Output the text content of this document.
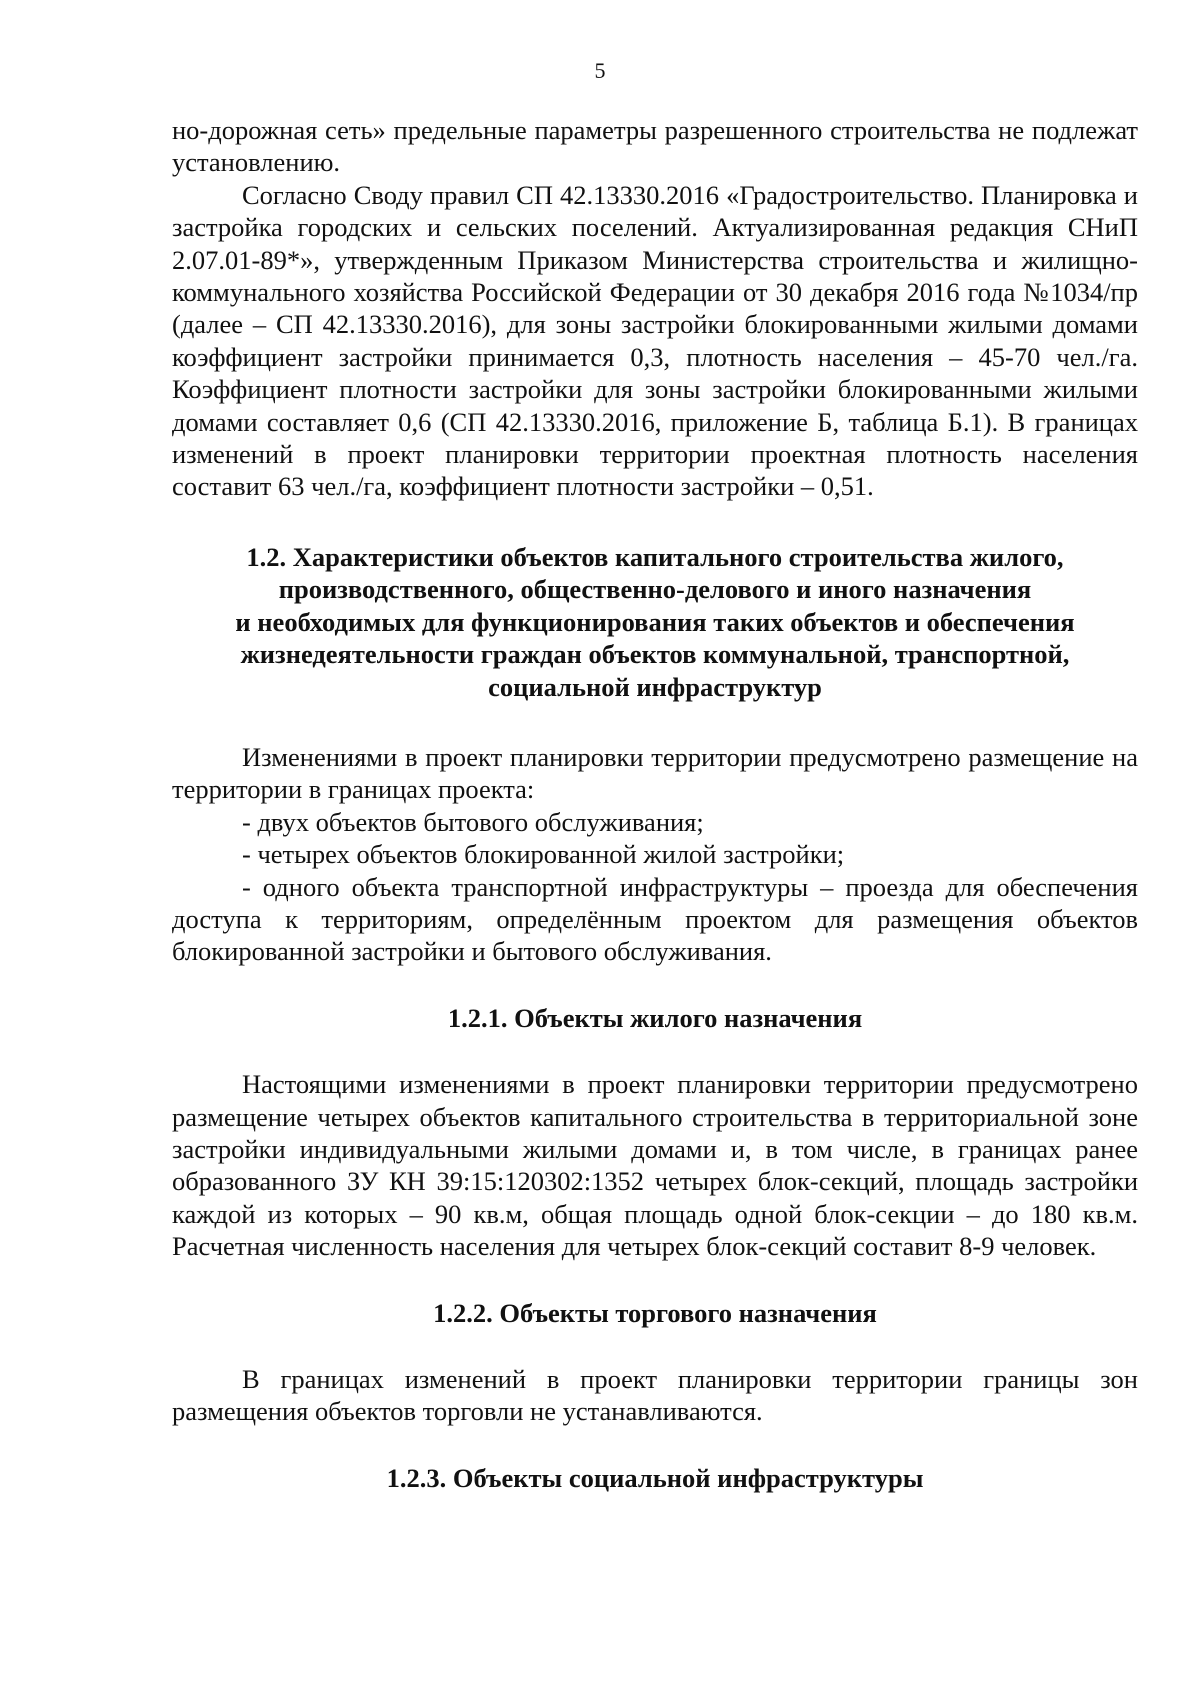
5

но-дорожная сеть» предельные параметры разрешенного строительства не подлежат установлению.

Согласно Своду правил СП 42.13330.2016 «Градостроительство. Планировка и застройка городских и сельских поселений. Актуализированная редакция СНиП 2.07.01-89*», утвержденным Приказом Министерства строительства и жилищно-коммунального хозяйства Российской Федерации от 30 декабря 2016 года №1034/пр (далее – СП 42.13330.2016), для зоны застройки блокированными жилыми домами коэффициент застройки принимается 0,3, плотность населения – 45-70 чел./га. Коэффициент плотности застройки для зоны застройки блокированными жилыми домами составляет 0,6 (СП 42.13330.2016, приложение Б, таблица Б.1). В границах изменений в проект планировки территории проектная плотность населения составит 63 чел./га, коэффициент плотности застройки – 0,51.

1.2. Характеристики объектов капитального строительства жилого,
производственного, общественно-делового и иного назначения
и необходимых для функционирования таких объектов и обеспечения
жизнедеятельности граждан объектов коммунальной, транспортной,
социальной инфраструктур

Изменениями в проект планировки территории предусмотрено размещение на территории в границах проекта:

- двух объектов бытового обслуживания;

- четырех объектов блокированной жилой застройки;

- одного объекта транспортной инфраструктуры – проезда для обеспечения доступа к территориям, определённым проектом для размещения объектов блокированной застройки и бытового обслуживания.

1.2.1. Объекты жилого назначения

Настоящими изменениями в проект планировки территории предусмотрено размещение четырех объектов капитального строительства в территориальной зоне застройки индивидуальными жилыми домами и, в том числе, в границах ранее образованного ЗУ КН 39:15:120302:1352 четырех блок-секций, площадь застройки каждой из которых – 90 кв.м, общая площадь одной блок-секции – до 180 кв.м. Расчетная численность населения для четырех блок-секций составит 8-9 человек.

1.2.2. Объекты торгового назначения

В границах изменений в проект планировки территории границы зон размещения объектов торговли не устанавливаются.

1.2.3. Объекты социальной инфраструктуры
